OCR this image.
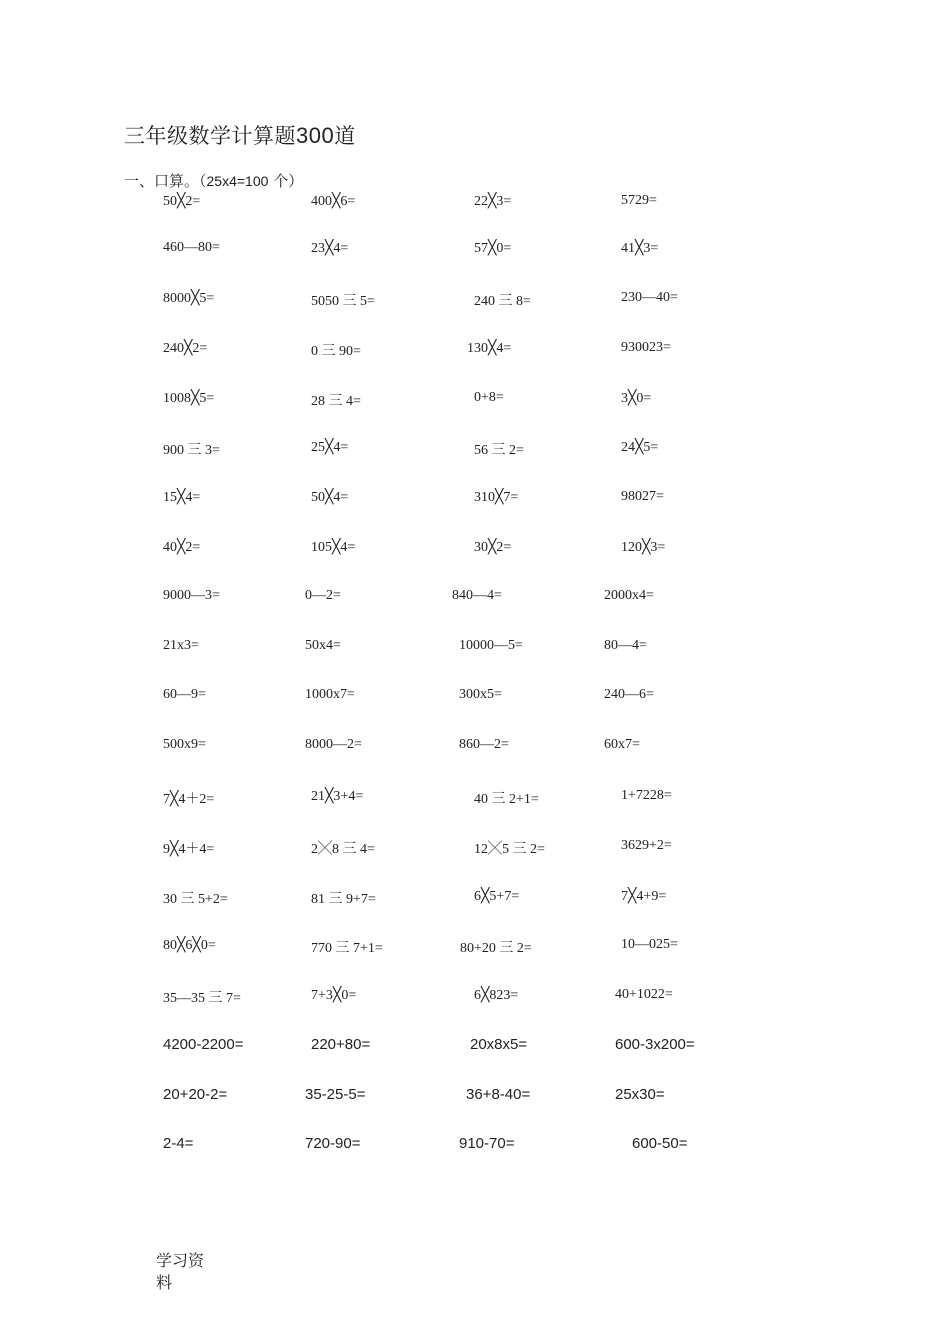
三年级数学计算题300道
一、口算。（25x4=100 个）
50╳2=	400╳6=	22╳3=	5729=
460—80=	23╳4=	57╳0=	41╳3=
8000╳5=	5050 三 5=	240 三 8=	230—40=
240╳2=	0 三 90=	130╳4=	930023=
1008╳5=	28 三 4=	0+8=	3╳0=
900 三 3=	25╳4=	56 三 2=	24╳5=
15╳4=	50╳4=	310╳7=	98027=
40╳2=	105╳4=	30╳2=	120╳3=
9000—3=	0—2=	840—4=	2000x4=
21x3=	50x4=	10000—5=	80—4=
60—9=	1000x7=	300x5=	240—6=
500x9=	8000—2=	860—2=	60x7=
7╳4＋2=	21╳3+4=	40 三 2+1=	1+7228=
9╳4＋4=	2╳8 三 4=	12╳5 三 2=	3629+2=
30 三 5+2=	81 三 9+7=	6╳5+7=	7╳4+9=
80╳6╳0=	770 三 7+1=	80+20 三 2=	10—025=
35—35 三 7=	7+3╳0=	6╳823=	40+1022=
4200-2200=	220+80=	20x8x5=	600-3x200=
20+20-2=	35-25-5=	36+8-40=	25x30=
2-4=	720-90=	910-70=	600-50=
学习资料
